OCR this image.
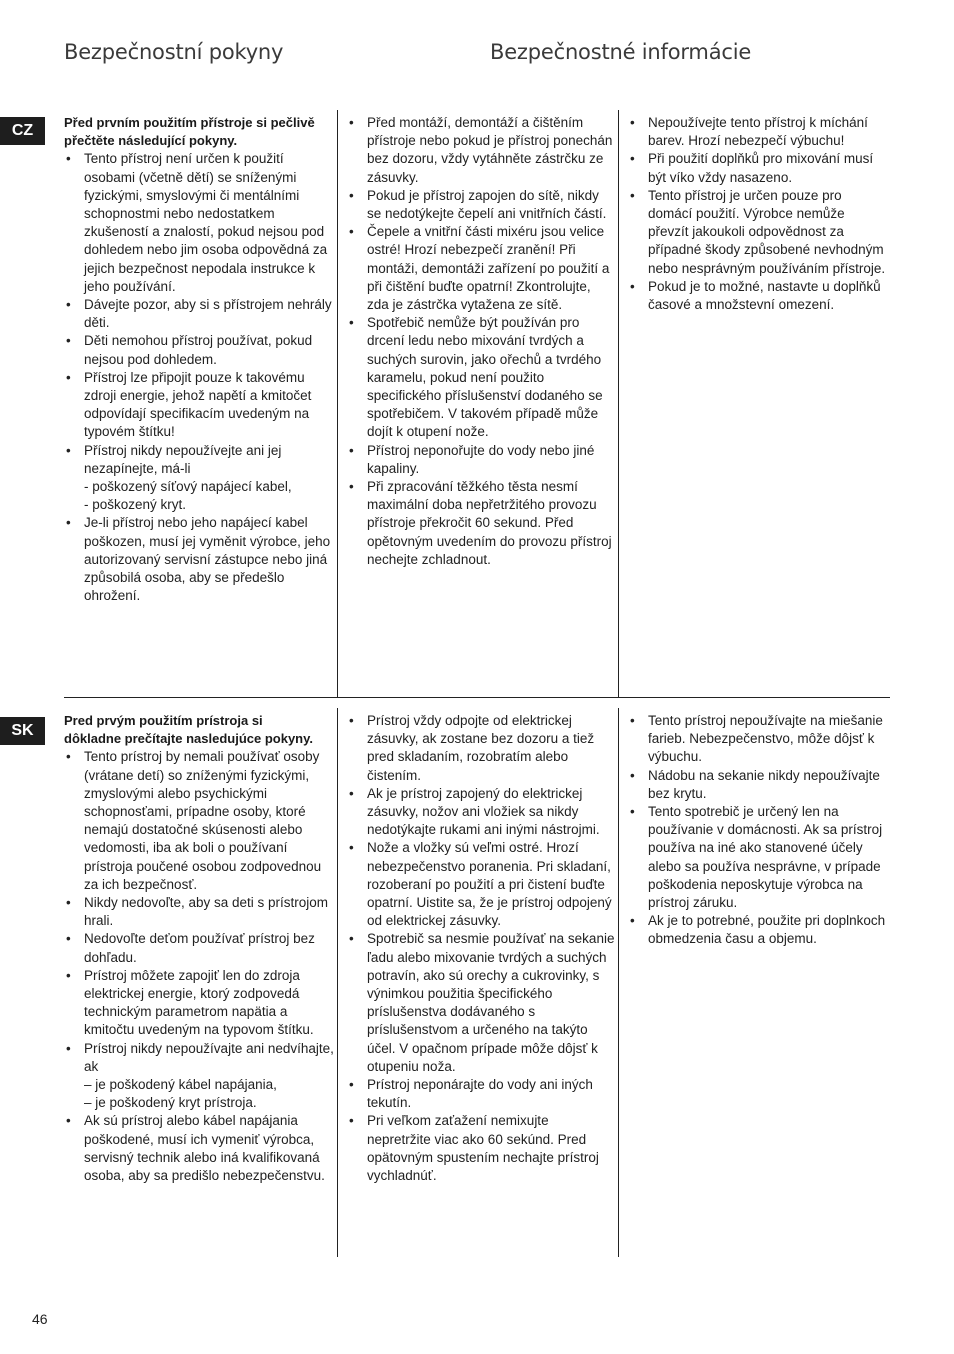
Bezpečnostní pokyny	Bezpečnostné informácie
CZ
SK

Před prvním použitím přístroje si pečlivě přečtěte následující pokyny.

• Tento přístroj není určen k použití osobami (včetně dětí) se sníženými fyzickými, smyslovými či mentálními schopnostmi nebo nedostatkem zkušeností a znalostí, pokud nejsou pod dohledem nebo jim osoba odpovědná za jejich bezpečnost nepodala instrukce k jeho používání.
• Dávejte pozor, aby si s přístrojem nehrály děti.
• Děti nemohou přístroj používat, pokud nejsou pod dohledem.
• Přístroj lze připojit pouze k takovému zdroji energie, jehož napětí a kmitočet odpovídají specifikacím uvedeným na typovém štítku!
• Přístroj nikdy nepoužívejte ani jej nezapínejte, má-li
- poškozený síťový napájecí kabel,
- poškozený kryt.
• Je-li přístroj nebo jeho napájecí kabel poškozen, musí jej vyměnit výrobce, jeho autorizovaný servisní zástupce nebo jiná způsobilá osoba, aby se předešlo ohrožení.
• Před montáží, demontáží a čištěním přístroje nebo pokud je přístroj ponechán bez dozoru, vždy vytáhněte zástrčku ze zásuvky.
• Pokud je přístroj zapojen do sítě, nikdy se nedotýkejte čepelí ani vnitřních částí.
• Čepele a vnitřní části mixéru jsou velice ostré! Hrozí nebezpečí zranění! Při montáži, demontáži zařízení po použití a při čištění buďte opatrní! Zkontrolujte, zda je zástrčka vytažena ze sítě.
• Spotřebič nemůže být používán pro drcení ledu nebo mixování tvrdých a suchých surovin, jako ořechů a tvrdého karamelu, pokud není použito specifického příslušenství dodaného se spotřebičem. V takovém případě může dojít k otupení nože.
• Přístroj neponořujte do vody nebo jiné kapaliny.
• Při zpracování těžkého těsta nesmí maximální doba nepřetržitého provozu přístroje překročit 60 sekund. Před opětovným uvedením do provozu přístroj nechejte zchladnout.
• Nepoužívejte tento přístroj k míchání barev. Hrozí nebezpečí výbuchu!
• Při použití doplňků pro mixování musí být víko vždy nasazeno.
• Tento přístroj je určen pouze pro domácí použití. Výrobce nemůže převzít jakoukoli odpovědnost za případné škody způsobené nevhodným nebo nesprávným používáním přístroje.
• Pokud je to možné, nastavte u doplňků časové a množstevní omezení.

Pred prvým použitím prístroja si dôkladne prečítajte nasledujúce pokyny.

• Tento prístroj by nemali používať osoby (vrátane detí) so zníženými fyzickými, zmyslovými alebo psychickými schopnosťami, prípadne osoby, ktoré nemajú dostatočné skúsenosti alebo vedomosti, iba ak boli o používaní prístroja poučené osobou zodpovednou za ich bezpečnosť.
• Nikdy nedovoľte, aby sa deti s prístrojom hrali.
• Nedovoľte deťom používať prístroj bez dohľadu.
• Prístroj môžete zapojiť len do zdroja elektrickej energie, ktorý zodpovedá technickým parametrom napätia a kmitočtu uvedeným na typovom štítku.
• Prístroj nikdy nepoužívajte ani nedvíhajte, ak
– je poškodený kábel napájania,
– je poškodený kryt prístroja.
• Ak sú prístroj alebo kábel napájania poškodené, musí ich vymeniť výrobca, servisný technik alebo iná kvalifikovaná osoba, aby sa predišlo nebezpečenstvu.
• Prístroj vždy odpojte od elektrickej zásuvky, ak zostane bez dozoru a tiež pred skladaním, rozobratím alebo čistením.
• Ak je prístroj zapojený do elektrickej zásuvky, nožov ani vložiek sa nikdy nedotýkajte rukami ani inými nástrojmi.
• Nože a vložky sú veľmi ostré. Hrozí nebezpečenstvo poranenia. Pri skladaní, rozoberaní po použití a pri čistení buďte opatrní. Uistite sa, že je prístroj odpojený od elektrickej zásuvky.
• Spotrebič sa nesmie používať na sekanie ľadu alebo mixovanie tvrdých a suchých potravín, ako sú orechy a cukrovinky, s výnimkou použitia špecifického príslušenstva dodávaného s príslušenstvom a určeného na takýto účel. V opačnom prípade môže dôjsť k otupeniu noža.
• Prístroj neponárajte do vody ani iných tekutín.
• Pri veľkom zaťažení nemixujte nepretržite viac ako 60 sekúnd. Pred opätovným spustením nechajte prístroj vychladnúť.
• Tento prístroj nepoužívajte na miešanie farieb. Nebezpečenstvo, môže dôjsť k výbuchu.
• Nádobu na sekanie nikdy nepoužívajte bez krytu.
• Tento spotrebič je určený len na používanie v domácnosti. Ak sa prístroj používa na iné ako stanovené účely alebo sa používa nesprávne, v prípade poškodenia neposkytuje výrobca na prístroj záruku.
• Ak je to potrebné, použite pri doplnkoch obmedzenia času a objemu.
46
